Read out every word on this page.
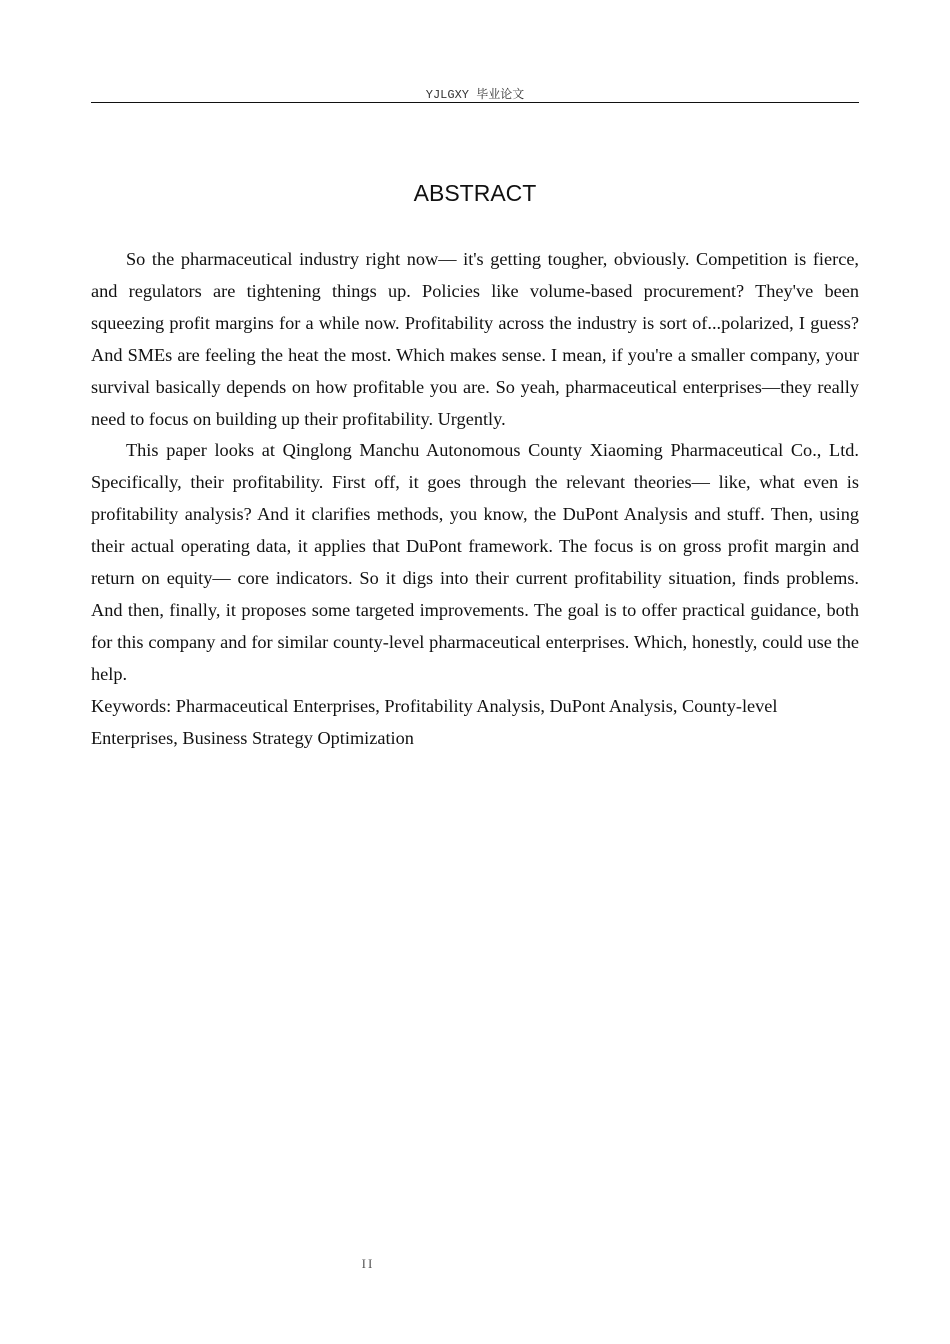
YJLGXY 毕业论文
ABSTRACT

So the pharmaceutical industry right now— it's getting tougher, obviously. Competition is fierce, and regulators are tightening things up. Policies like volume-based procurement? They've been squeezing profit margins for a while now. Profitability across the industry is sort of...polarized, I guess? And SMEs are feeling the heat the most. Which makes sense. I mean, if you're a smaller company, your survival basically depends on how profitable you are. So yeah, pharmaceutical enterprises—they really need to focus on building up their profitability. Urgently.

This paper looks at Qinglong Manchu Autonomous County Xiaoming Pharmaceutical Co., Ltd. Specifically, their profitability. First off, it goes through the relevant theories— like, what even is profitability analysis? And it clarifies methods, you know, the DuPont Analysis and stuff. Then, using their actual operating data, it applies that DuPont framework. The focus is on gross profit margin and return on equity— core indicators. So it digs into their current profitability situation, finds problems. And then, finally, it proposes some targeted improvements. The goal is to offer practical guidance, both for this company and for similar county-level pharmaceutical enterprises. Which, honestly, could use the help.

Keywords: Pharmaceutical Enterprises, Profitability Analysis, DuPont Analysis, County-level Enterprises, Business Strategy Optimization

II
